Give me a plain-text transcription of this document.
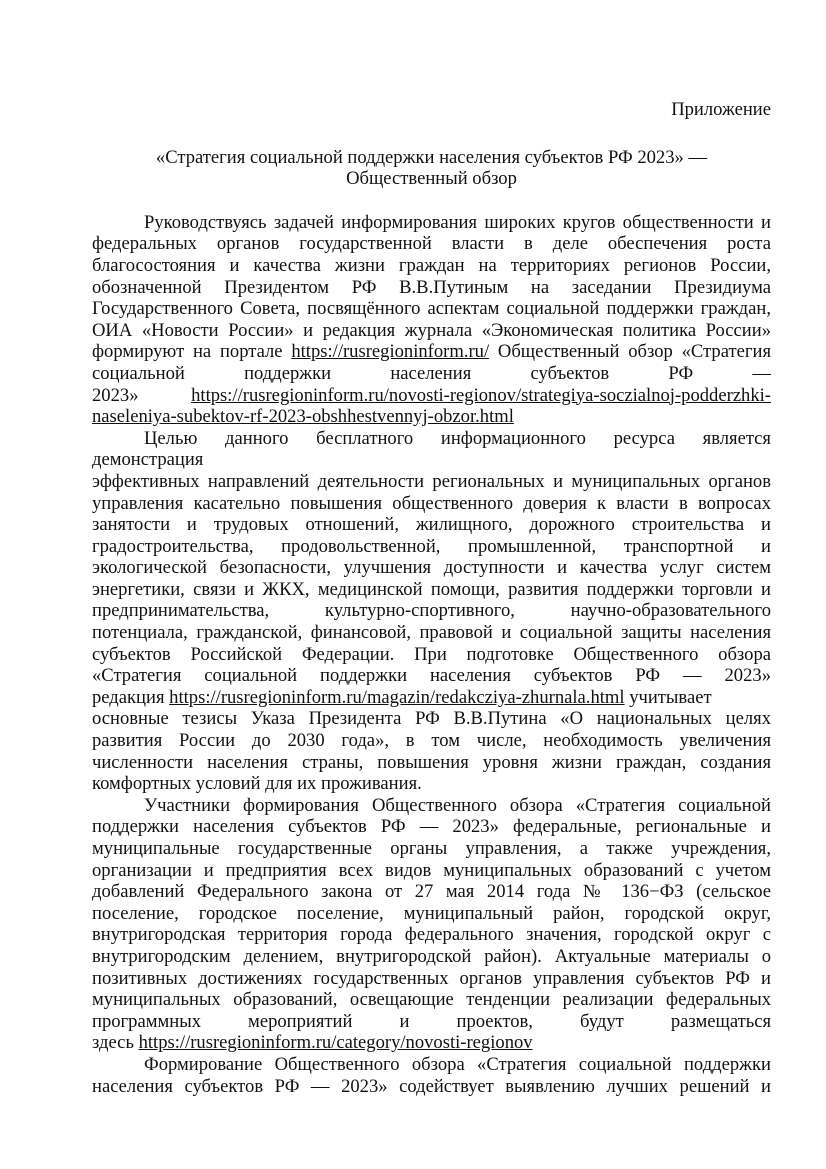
Приложение
«Стратегия социальной поддержки населения субъектов РФ 2023» —
Общественный обзор
Руководствуясь задачей информирования широких кругов общественности и
федеральных органов государственной власти в деле обеспечения роста
благосостояния и качества жизни граждан на территориях регионов России,
обозначенной Президентом РФ В.В.Путиным на заседании Президиума
Государственного Совета, посвящённого аспектам социальной поддержки граждан,
ОИА «Новости России» и редакция журнала «Экономическая политика России»
формируют на портале https://rusregioninform.ru/ Общественный обзор «Стратегия
социальной поддержки населения субъектов РФ —
2023» https://rusregioninform.ru/novosti-regionov/strategiya-soczialnoj-podderzhki-
naseleniya-subektov-rf-2023-obshhestvennyj-obzor.html
Целью данного бесплатного информационного ресурса является демонстрация
эффективных направлений деятельности региональных и муниципальных органов
управления касательно повышения общественного доверия к власти в вопросах
занятости и трудовых отношений, жилищного, дорожного строительства и
градостроительства, продовольственной, промышленной, транспортной и
экологической безопасности, улучшения доступности и качества услуг систем
энергетики, связи и ЖКХ, медицинской помощи, развития поддержки торговли и
предпринимательства, культурно-спортивного, научно-образовательного
потенциала, гражданской, финансовой, правовой и социальной защиты населения
субъектов Российской Федерации. При подготовке Общественного обзора
«Стратегия социальной поддержки населения субъектов РФ — 2023»
редакция https://rusregioninform.ru/magazin/redakcziya-zhurnala.html учитывает
основные тезисы Указа Президента РФ В.В.Путина «О национальных целях
развития России до 2030 года», в том числе, необходимость увеличения
численности населения страны, повышения уровня жизни граждан, создания
комфортных условий для их проживания.
Участники формирования Общественного обзора «Стратегия социальной
поддержки населения субъектов РФ — 2023» федеральные, региональные и
муниципальные государственные органы управления, а также учреждения,
организации и предприятия всех видов муниципальных образований с учетом
добавлений Федерального закона от 27 мая 2014 года № 136−ФЗ (сельское
поселение, городское поселение, муниципальный район, городской округ,
внутригородская территория города федерального значения, городской округ с
внутригородским делением, внутригородской район). Актуальные материалы о
позитивных достижениях государственных органов управления субъектов РФ и
муниципальных образований, освещающие тенденции реализации федеральных
программных мероприятий и проектов, будут размещаться
здесь https://rusregioninform.ru/category/novosti-regionov
Формирование Общественного обзора «Стратегия социальной поддержки
населения субъектов РФ — 2023» содействует выявлению лучших решений и
